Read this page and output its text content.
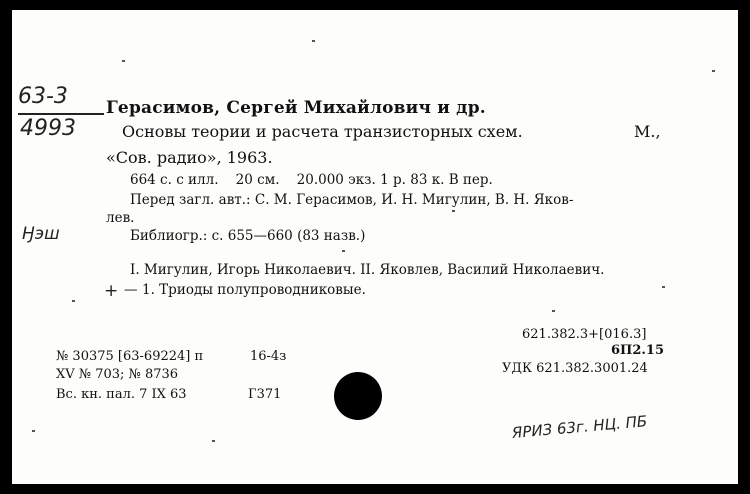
63-3
4993
Ӈэш
Герасимов, Сергей Михайлович и др.
Основы теории и расчета транзисторных схем.	М.,
«Сов. радио», 1963.
664 с. с илл.    20 см.    20.000 экз. 1 р. 83 к. В пер.
Перед загл. авт.: С. М. Герасимов, И. Н. Мигулин, В. Н. Яков-
лев.
Библиогр.: с. 655—660 (83 назв.)
I. Мигулин, Игорь Николаевич. II. Яковлев, Василий Николаевич.
+ — 1. Триоды полупроводниковые.
621.382.3+[016.3]
6П2.15
УДК 621.382.3001.24
№ 30375 [63-69224] п	16-4з
XV № 703; № 8736
Вс. кн. пал. 7 IX 63	Г371
ЯРИЗ 63г. НЦ. ПБ
